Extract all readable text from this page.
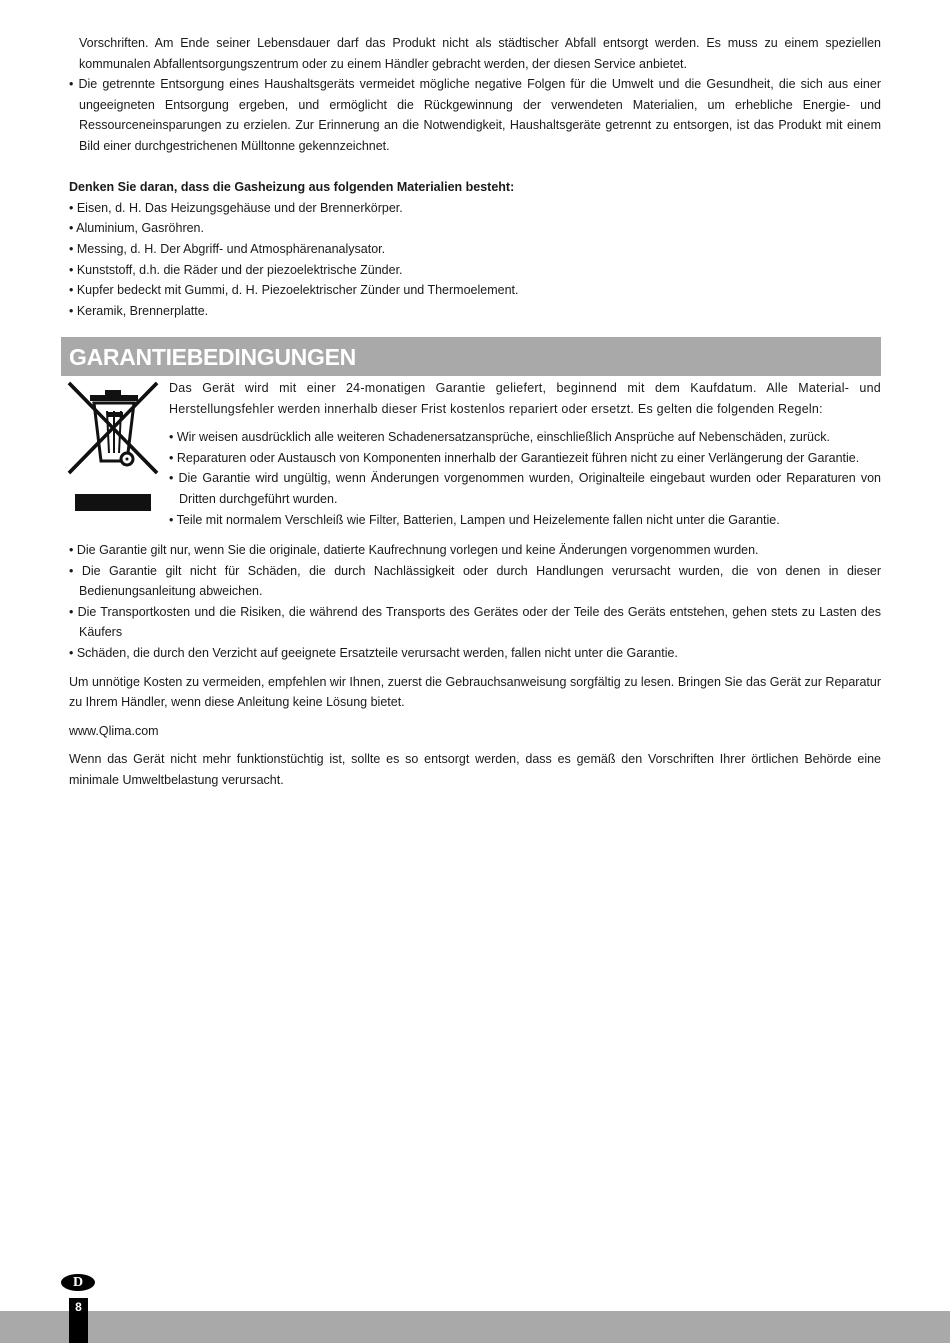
Vorschriften. Am Ende seiner Lebensdauer darf das Produkt nicht als städtischer Abfall entsorgt werden. Es muss zu einem speziellen kommunalen Abfallentsorgungszentrum oder zu einem Händler gebracht werden, der diesen Service anbietet.

• Die getrennte Entsorgung eines Haushaltsgeräts vermeidet mögliche negative Folgen für die Umwelt und die Gesundheit, die sich aus einer ungeeigneten Entsorgung ergeben, und ermöglicht die Rückgewinnung der verwendeten Materialien, um erhebliche Energie- und Ressourceneinsparungen zu erzielen. Zur Erinnerung an die Notwendigkeit, Haushaltsgeräte getrennt zu entsorgen, ist das Produkt mit einem Bild einer durchgestrichenen Mülltonne gekennzeichnet.

Denken Sie daran, dass die Gasheizung aus folgenden Materialien besteht:

• Eisen, d. H. Das Heizungsgehäuse und der Brennerkörper.

• Aluminium, Gasröhren.

• Messing, d. H. Der Abgriff- und Atmosphärenanalysator.

• Kunststoff, d.h. die Räder und der piezoelektrische Zünder.

• Kupfer bedeckt mit Gummi, d. H. Piezoelektrischer Zünder und Thermoelement.

• Keramik, Brennerplatte.

GARANTIEBEDINGUNGEN

Das Gerät wird mit einer 24-monatigen Garantie geliefert, beginnend mit dem Kaufdatum. Alle Material- und Herstellungsfehler werden innerhalb dieser Frist kostenlos repariert oder ersetzt. Es gelten die folgenden Regeln:

• Wir weisen ausdrücklich alle weiteren Schadenersatzansprüche, einschließlich Ansprüche auf Nebenschäden, zurück.

• Reparaturen oder Austausch von Komponenten innerhalb der Garantiezeit führen nicht zu einer Verlängerung der Garantie.

• Die Garantie wird ungültig, wenn Änderungen vorgenommen wurden, Originalteile eingebaut wurden oder Reparaturen von Dritten durchgeführt wurden.

• Teile mit normalem Verschleiß wie Filter, Batterien, Lampen und Heizelemente fallen nicht unter die Garantie.

• Die Garantie gilt nur, wenn Sie die originale, datierte Kaufrechnung vorlegen und keine Änderungen vorgenommen wurden.

• Die Garantie gilt nicht für Schäden, die durch Nachlässigkeit oder durch Handlungen verursacht wurden, die von denen in dieser Bedienungsanleitung abweichen.

• Die Transportkosten und die Risiken, die während des Transports des Gerätes oder der Teile des Geräts entstehen, gehen stets zu Lasten des Käufers

• Schäden, die durch den Verzicht auf geeignete Ersatzteile verursacht werden, fallen nicht unter die Garantie.

Um unnötige Kosten zu vermeiden, empfehlen wir Ihnen, zuerst die Gebrauchsanweisung sorgfältig zu lesen. Bringen Sie das Gerät zur Reparatur zu Ihrem Händler, wenn diese Anleitung keine Lösung bietet.

www.Qlima.com

Wenn das Gerät nicht mehr funktionstüchtig ist, sollte es so entsorgt werden, dass es gemäß den Vorschriften Ihrer örtlichen Behörde eine minimale Umweltbelastung verursacht.

D
8
